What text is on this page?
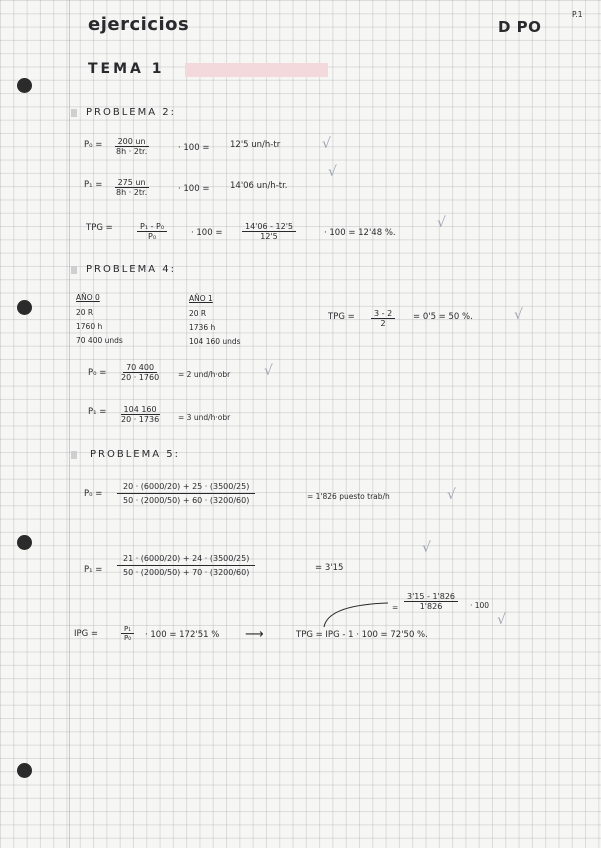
ejercicios	D PO
P.1
TEMA 1
PROBLEMA 2:
$P_0 = \frac{200 un}{8h \cdot 2tr.}$	· 100 = 12'5 un/h-tr	√
$P_1 = \frac{275 un}{8h \cdot 2tr.}$	· 100 = 14'06 un/h-tr.
√
TPG =	$\frac{\text{P₁ - P₀}}{\text{P₀}}$	· $100 = \frac{14'06 - 12'5}{12'5}$	· 100 = 12'48 %.
√
PROBLEMA 4:
AÑO 0
20 R
1760 h
70 400 unds
AÑO 1
20 R
1736 h
104 160 unds
TPG = $\frac{3 - 2}{2} = 0'5 = 50$ %.	√
$P_0 = \frac{70 400}{20 \cdot 1760} = 2$ und/h·obr √
$P_1 = \frac{104 160}{20 \cdot 1736} = 3$ und/h·obr
PROBLEMA 5:
$P_0 = \frac{20 \cdot (6000/20) + 25 \cdot (3500/25)}{50 \cdot (2000/50) + 60 \cdot (3200/60)}$	= 1'826 puesto trab/h	√
$P_1 = \frac{21 \cdot (6000/20) + 24 \cdot (3500/25)}{50 \cdot (2000/50) + 70 \cdot (3200/60)}$	= 3'15
√
= $\frac{3'15 - 1'826}{1'826} \cdot 100$
√
IPG =	$\frac{\text{P₁}}{\text{P₀}} \cdot 100 = 172'51$ % ⟶	TPG = IPG - 1 · 100 = 72'50 %.
